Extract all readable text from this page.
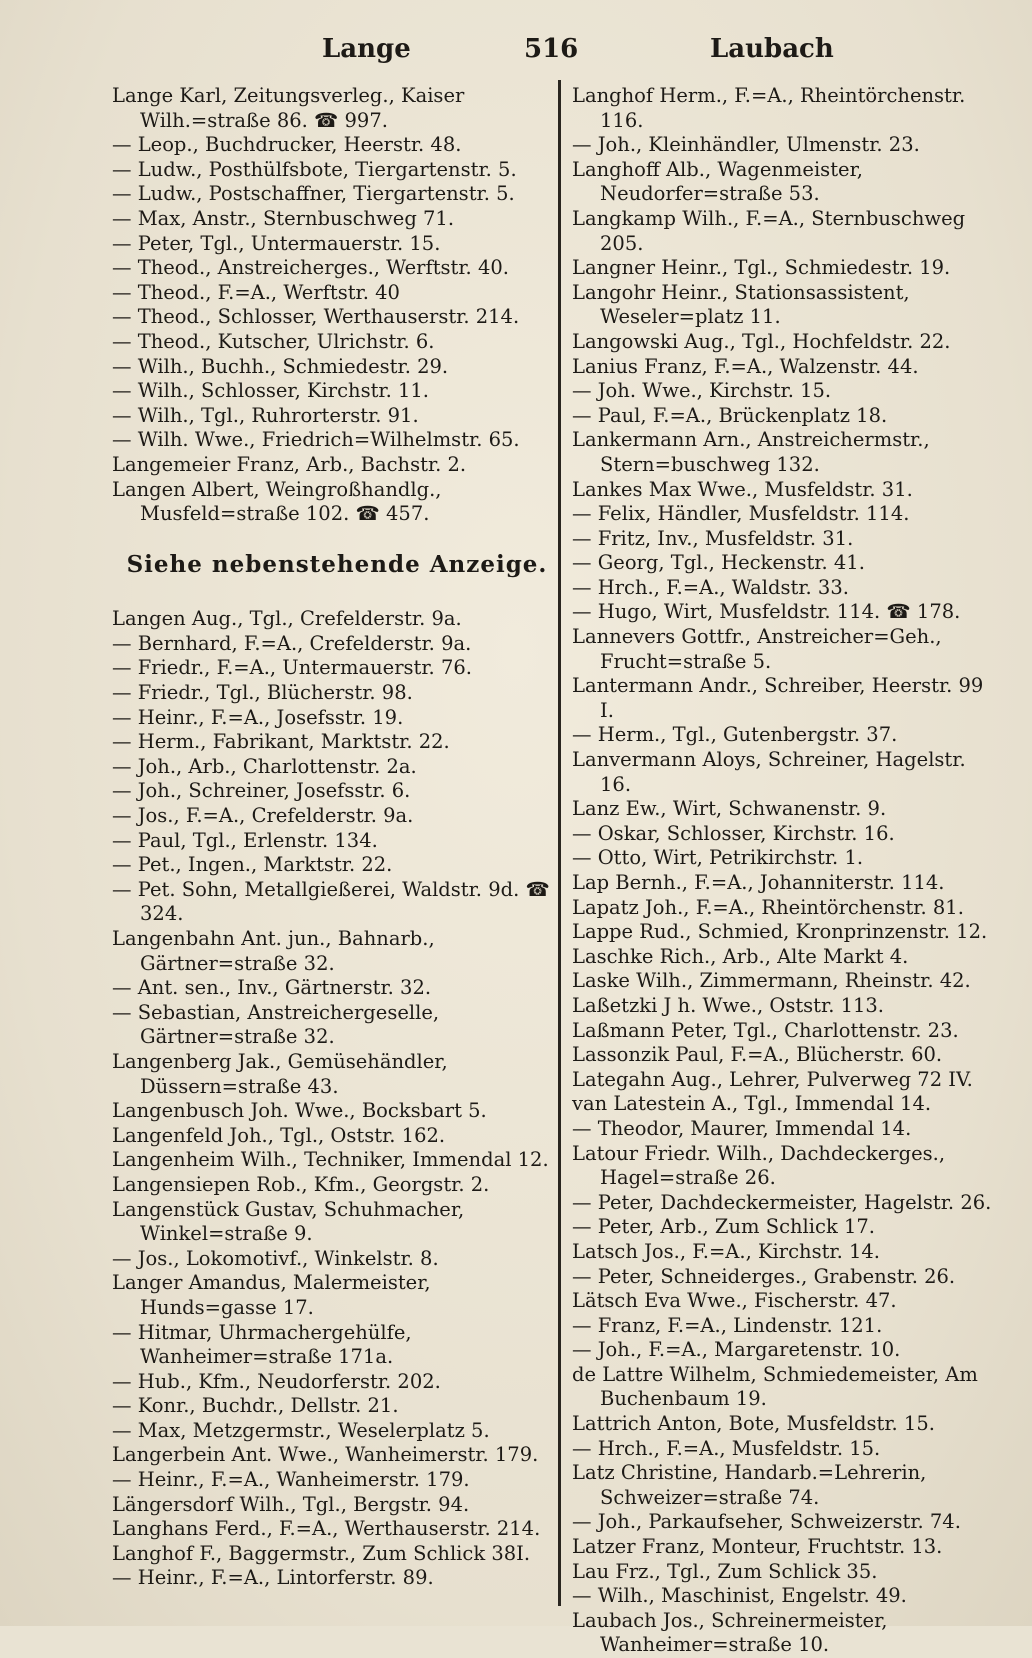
Lange	516	Laubach

Lange Karl, Zeitungsverleg., Kaiser Wilh.=straße 86. ☎ 997.

— Leop., Buchdrucker, Heerstr. 48.

— Ludw., Posthülfsbote, Tiergartenstr. 5.

— Ludw., Postschaffner, Tiergartenstr. 5.

— Max, Anstr., Sternbuschweg 71.

— Peter, Tgl., Untermauerstr. 15.

— Theod., Anstreicherges., Werftstr. 40.

— Theod., F.=A., Werftstr. 40

— Theod., Schlosser, Werthauserstr. 214.

— Theod., Kutscher, Ulrichstr. 6.

— Wilh., Buchh., Schmiedestr. 29.

— Wilh., Schlosser, Kirchstr. 11.

— Wilh., Tgl., Ruhrorterstr. 91.

— Wilh. Wwe., Friedrich=Wilhelmstr. 65.

Langemeier Franz, Arb., Bachstr. 2.

Langen Albert, Weingroßhandlg., Musfeld=straße 102. ☎ 457.

Siehe nebenstehende Anzeige.

Langen Aug., Tgl., Crefelderstr. 9a.

— Bernhard, F.=A., Crefelderstr. 9a.

— Friedr., F.=A., Untermauerstr. 76.

— Friedr., Tgl., Blücherstr. 98.

— Heinr., F.=A., Josefsstr. 19.

— Herm., Fabrikant, Marktstr. 22.

— Joh., Arb., Charlottenstr. 2a.

— Joh., Schreiner, Josefsstr. 6.

— Jos., F.=A., Crefelderstr. 9a.

— Paul, Tgl., Erlenstr. 134.

— Pet., Ingen., Marktstr. 22.

— Pet. Sohn, Metallgießerei, Waldstr. 9d. ☎ 324.

Langenbahn Ant. jun., Bahnarb., Gärtner=straße 32.

— Ant. sen., Inv., Gärtnerstr. 32.

— Sebastian, Anstreichergeselle, Gärtner=straße 32.

Langenberg Jak., Gemüsehändler, Düssern=straße 43.

Langenbusch Joh. Wwe., Bocksbart 5.

Langenfeld Joh., Tgl., Oststr. 162.

Langenheim Wilh., Techniker, Immendal 12.

Langensiepen Rob., Kfm., Georgstr. 2.

Langenstück Gustav, Schuhmacher, Winkel=straße 9.

— Jos., Lokomotivf., Winkelstr. 8.

Langer Amandus, Malermeister, Hunds=gasse 17.

— Hitmar, Uhrmachergehülfe, Wanheimer=straße 171a.

— Hub., Kfm., Neudorferstr. 202.

— Konr., Buchdr., Dellstr. 21.

— Max, Metzgermstr., Weselerplatz 5.

Langerbein Ant. Wwe., Wanheimerstr. 179.

— Heinr., F.=A., Wanheimerstr. 179.

Längersdorf Wilh., Tgl., Bergstr. 94.

Langhans Ferd., F.=A., Werthauserstr. 214.

Langhof F., Baggermstr., Zum Schlick 38I.

— Heinr., F.=A., Lintorferstr. 89.

Langhof Herm., F.=A., Rheintörchenstr. 116.

— Joh., Kleinhändler, Ulmenstr. 23.

Langhoff Alb., Wagenmeister, Neudorfer=straße 53.

Langkamp Wilh., F.=A., Sternbuschweg 205.

Langner Heinr., Tgl., Schmiedestr. 19.

Langohr Heinr., Stationsassistent, Weseler=platz 11.

Langowski Aug., Tgl., Hochfeldstr. 22.

Lanius Franz, F.=A., Walzenstr. 44.

— Joh. Wwe., Kirchstr. 15.

— Paul, F.=A., Brückenplatz 18.

Lankermann Arn., Anstreichermstr., Stern=buschweg 132.

Lankes Max Wwe., Musfeldstr. 31.

— Felix, Händler, Musfeldstr. 114.

— Fritz, Inv., Musfeldstr. 31.

— Georg, Tgl., Heckenstr. 41.

— Hrch., F.=A., Waldstr. 33.

— Hugo, Wirt, Musfeldstr. 114. ☎ 178.

Lannevers Gottfr., Anstreicher=Geh., Frucht=straße 5.

Lantermann Andr., Schreiber, Heerstr. 99 I.

— Herm., Tgl., Gutenbergstr. 37.

Lanvermann Aloys, Schreiner, Hagelstr. 16.

Lanz Ew., Wirt, Schwanenstr. 9.

— Oskar, Schlosser, Kirchstr. 16.

— Otto, Wirt, Petrikirchstr. 1.

Lap Bernh., F.=A., Johanniterstr. 114.

Lapatz Joh., F.=A., Rheintörchenstr. 81.

Lappe Rud., Schmied, Kronprinzenstr. 12.

Laschke Rich., Arb., Alte Markt 4.

Laske Wilh., Zimmermann, Rheinstr. 42.

Laßetzki J h. Wwe., Oststr. 113.

Laßmann Peter, Tgl., Charlottenstr. 23.

Lassonzik Paul, F.=A., Blücherstr. 60.

Lategahn Aug., Lehrer, Pulverweg 72 IV.

van Latestein A., Tgl., Immendal 14.

— Theodor, Maurer, Immendal 14.

Latour Friedr. Wilh., Dachdeckerges., Hagel=straße 26.

— Peter, Dachdeckermeister, Hagelstr. 26.

— Peter, Arb., Zum Schlick 17.

Latsch Jos., F.=A., Kirchstr. 14.

— Peter, Schneiderges., Grabenstr. 26.

Lätsch Eva Wwe., Fischerstr. 47.

— Franz, F.=A., Lindenstr. 121.

— Joh., F.=A., Margaretenstr. 10.

de Lattre Wilhelm, Schmiedemeister, Am Buchenbaum 19.

Lattrich Anton, Bote, Musfeldstr. 15.

— Hrch., F.=A., Musfeldstr. 15.

Latz Christine, Handarb.=Lehrerin, Schweizer=straße 74.

— Joh., Parkaufseher, Schweizerstr. 74.

Latzer Franz, Monteur, Fruchtstr. 13.

Lau Frz., Tgl., Zum Schlick 35.

— Wilh., Maschinist, Engelstr. 49.

Laubach Jos., Schreinermeister, Wanheimer=straße 10.
